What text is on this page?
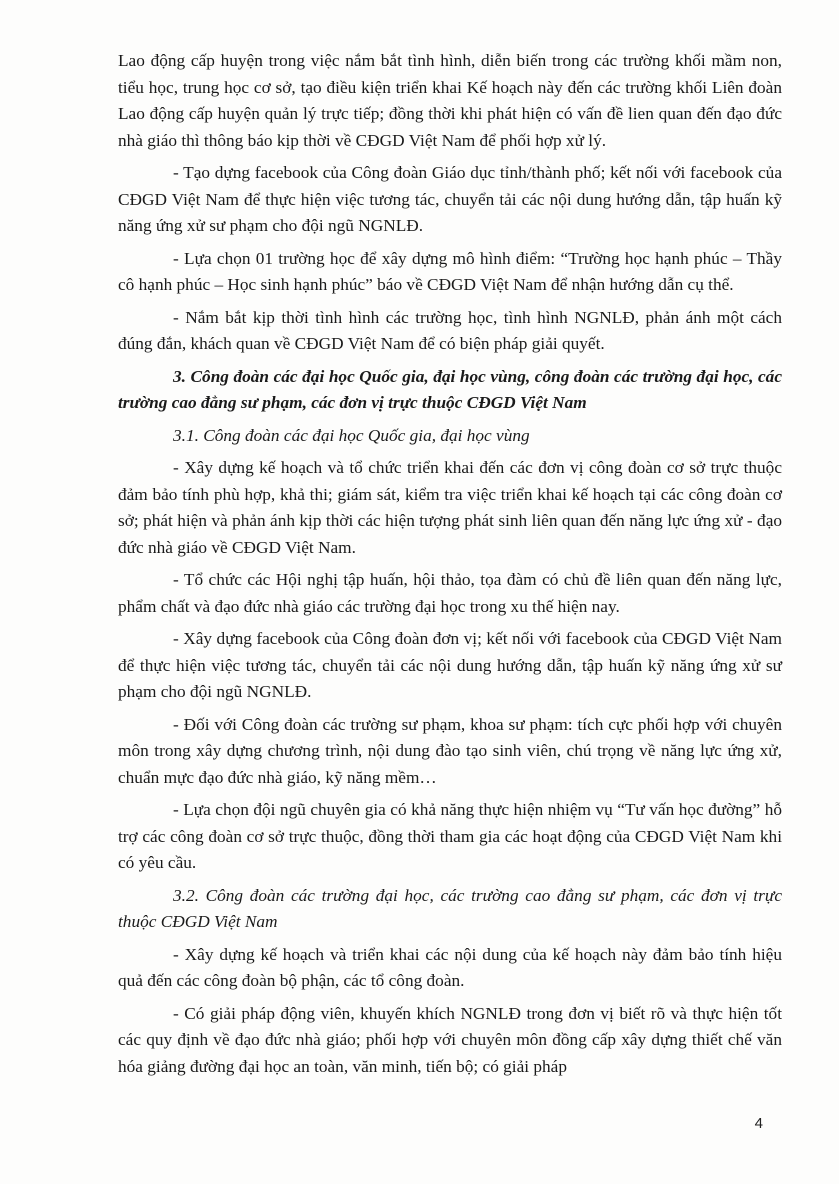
Lao động cấp huyện trong việc nắm bắt tình hình, diễn biến trong các trường khối mầm non, tiểu học, trung học cơ sở, tạo điều kiện triển khai Kế hoạch này đến các trường khối Liên đoàn Lao động cấp huyện quản lý trực tiếp; đồng thời khi phát hiện có vấn đề lien quan đến đạo đức nhà giáo thì thông báo kịp thời về CĐGD Việt Nam để phối hợp xử lý.

- Tạo dựng facebook của Công đoàn Giáo dục tỉnh/thành phố; kết nối với facebook của CĐGD Việt Nam để thực hiện việc tương tác, chuyển tải các nội dung hướng dẫn, tập huấn kỹ năng ứng xử sư phạm cho đội ngũ NGNLĐ.

- Lựa chọn 01 trường học để xây dựng mô hình điểm: “Trường học hạnh phúc – Thầy cô hạnh phúc – Học sinh hạnh phúc” báo về CĐGD Việt Nam để nhận hướng dẫn cụ thể.

- Nắm bắt kịp thời tình hình các trường học, tình hình NGNLĐ, phản ánh một cách đúng đắn, khách quan về CĐGD Việt Nam để có biện pháp giải quyết.

3. Công đoàn các đại học Quốc gia, đại học vùng, công đoàn các trường đại học, các trường cao đẳng sư phạm, các đơn vị trực thuộc CĐGD Việt Nam

3.1. Công đoàn các đại học Quốc gia, đại học vùng

- Xây dựng kế hoạch và tổ chức triển khai đến các đơn vị công đoàn cơ sở trực thuộc đảm bảo tính phù hợp, khả thi; giám sát, kiểm tra việc triển khai kế hoạch tại các công đoàn cơ sở; phát hiện và phản ánh kịp thời các hiện tượng phát sinh liên quan đến năng lực ứng xử - đạo đức nhà giáo về CĐGD Việt Nam.

- Tổ chức các Hội nghị tập huấn, hội thảo, tọa đàm có chủ đề liên quan đến năng lực, phẩm chất và đạo đức nhà giáo các trường đại học trong xu thế hiện nay.

- Xây dựng facebook của Công đoàn đơn vị; kết nối với facebook của CĐGD Việt Nam để thực hiện việc tương tác, chuyển tải các nội dung hướng dẫn, tập huấn kỹ năng ứng xử sư phạm cho đội ngũ NGNLĐ.

- Đối với Công đoàn các trường sư phạm, khoa sư phạm: tích cực phối hợp với chuyên môn trong xây dựng chương trình, nội dung đào tạo sinh viên, chú trọng về năng lực ứng xử, chuẩn mực đạo đức nhà giáo, kỹ năng mềm…

- Lựa chọn đội ngũ chuyên gia có khả năng thực hiện nhiệm vụ “Tư vấn học đường” hỗ trợ các công đoàn cơ sở trực thuộc, đồng thời tham gia các hoạt động của CĐGD Việt Nam khi có yêu cầu.

3.2. Công đoàn các trường đại học, các trường cao đẳng sư phạm, các đơn vị trực thuộc CĐGD Việt Nam

- Xây dựng kế hoạch và triển khai các nội dung của kế hoạch này đảm bảo tính hiệu quả đến các công đoàn bộ phận, các tổ công đoàn.

- Có giải pháp động viên, khuyến khích NGNLĐ trong đơn vị biết rõ và thực hiện tốt các quy định về đạo đức nhà giáo; phối hợp với chuyên môn đồng cấp xây dựng thiết chế văn hóa giảng đường đại học an toàn, văn minh, tiến bộ; có giải pháp

4
